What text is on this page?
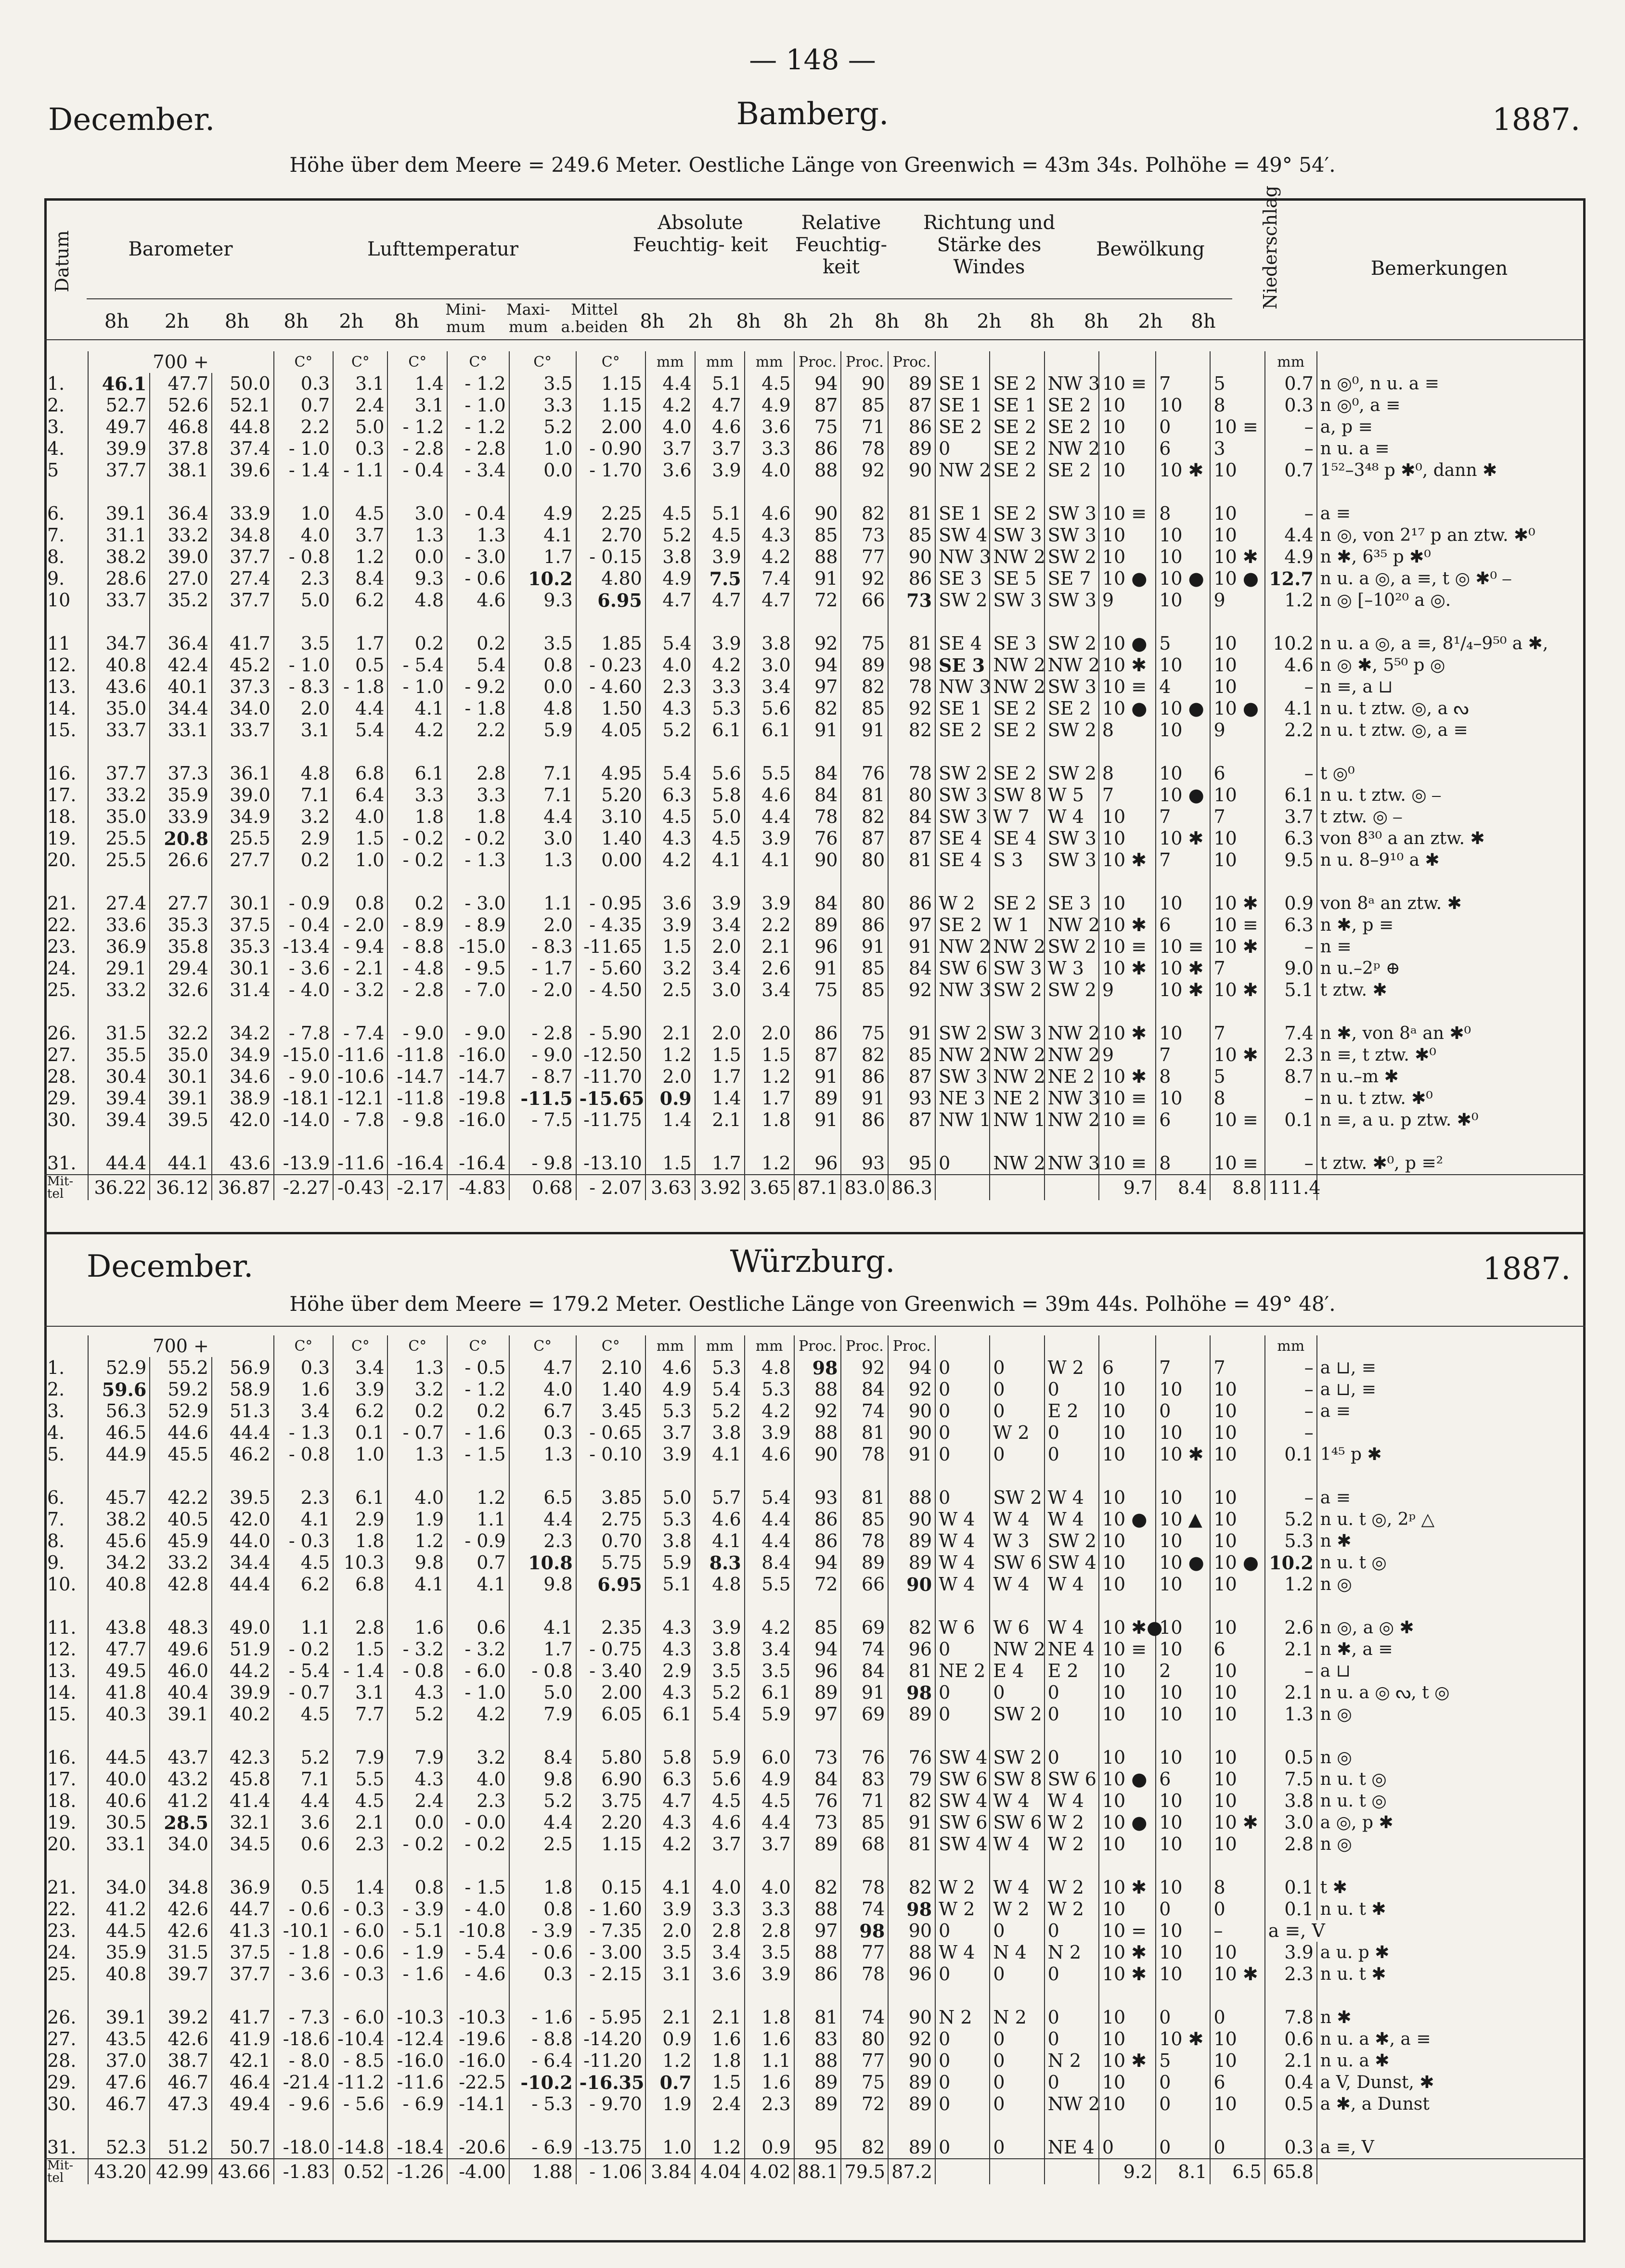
— 148 —
December.	Bamberg.	1887.
Höhe über dem Meere = 249.6 Meter. Oestliche Länge von Greenwich = 43m 34s. Polhöhe = 49° 54′.
Datum	Barometer	Lufttemperatur
Absolute Feuchtig- keit
Relative Feuchtig- keit
Richtung und Stärke des Windes
Bewölkung	Niederschlag	Bemerkungen
8h	2h	8h	8h	2h	8h
Mini- mum
Maxi- mum
Mittel a.beiden 8h	2h	8h	8h	2h	8h	8h	2h	8h	8h	2h	8h
	700 +			C°	C°	C°	C°	C°	C°	mm	mm	mm	Proc.	Proc.	Proc.							mm	
1.	46.1	47.7	50.0	0.3	3.1	1.4	- 1.2	3.5	1.15	4.4	5.1	4.5	94	90	89	SE 1	SE 2	NW 3	10 ≡	7	5	0.7	n ◎⁰, n u. a ≡
2.	52.7	52.6	52.1	0.7	2.4	3.1	- 1.0	3.3	1.15	4.2	4.7	4.9	87	85	87	SE 1	SE 1	SE 2	10	10	8	0.3	n ◎⁰, a ≡
3.	49.7	46.8	44.8	2.2	5.0	- 1.2	- 1.2	5.2	2.00	4.0	4.6	3.6	75	71	86	SE 2	SE 2	SE 2	10	0	10 ≡	–	a, p ≡
4.	39.9	37.8	37.4	- 1.0	0.3	- 2.8	- 2.8	1.0	- 0.90	3.7	3.7	3.3	86	78	89	0	SE 2	NW 2	10	6	3	–	n u. a ≡
5	37.7	38.1	39.6	- 1.4	- 1.1	- 0.4	- 3.4	0.0	- 1.70	3.6	3.9	4.0	88	92	90	NW 2	SE 2	SE 2	10	10 ✱	10	0.7	1⁵²–3⁴⁸ p ✱⁰, dann ✱

6.	39.1	36.4	33.9	1.0	4.5	3.0	- 0.4	4.9	2.25	4.5	5.1	4.6	90	82	81	SE 1	SE 2	SW 3	10 ≡	8	10	–	a ≡
7.	31.1	33.2	34.8	4.0	3.7	1.3	1.3	4.1	2.70	5.2	4.5	4.3	85	73	85	SW 4	SW 3	SW 3	10	10	10	4.4	n ◎, von 2¹⁷ p an ztw. ✱⁰
8.	38.2	39.0	37.7	- 0.8	1.2	0.0	- 3.0	1.7	- 0.15	3.8	3.9	4.2	88	77	90	NW 3	NW 2	SW 2	10	10	10 ✱	4.9	n ✱, 6³⁵ p ✱⁰
9.	28.6	27.0	27.4	2.3	8.4	9.3	- 0.6	10.2	4.80	4.9	7.5	7.4	91	92	86	SE 3	SE 5	SE 7	10 ●	10 ●	10 ●	12.7	n u. a ◎, a ≡, t ◎ ✱⁰ ⎯
10	33.7	35.2	37.7	5.0	6.2	4.8	4.6	9.3	6.95	4.7	4.7	4.7	72	66	73	SW 2	SW 3	SW 3	9	10	9	1.2	n ◎ [–10²⁰ a ◎.

11	34.7	36.4	41.7	3.5	1.7	0.2	0.2	3.5	1.85	5.4	3.9	3.8	92	75	81	SE 4	SE 3	SW 2	10 ●	5	10	10.2	n u. a ◎, a ≡, 8¹/₄–9⁵⁰ a ✱,
12.	40.8	42.4	45.2	- 1.0	0.5	- 5.4	5.4	0.8	- 0.23	4.0	4.2	3.0	94	89	98	SE 3	NW 2	NW 2	10 ✱	10	10	4.6	n ◎ ✱, 5⁵⁰ p ◎
13.	43.6	40.1	37.3	- 8.3	- 1.8	- 1.0	- 9.2	0.0	- 4.60	2.3	3.3	3.4	97	82	78	NW 3	NW 2	SW 3	10 ≡	4	10	–	n ≡, a ⊔
14.	35.0	34.4	34.0	2.0	4.4	4.1	- 1.8	4.8	1.50	4.3	5.3	5.6	82	85	92	SE 1	SE 2	SE 2	10 ●	10 ●	10 ●	4.1	n u. t ztw. ◎, a ᔓ
15.	33.7	33.1	33.7	3.1	5.4	4.2	2.2	5.9	4.05	5.2	6.1	6.1	91	91	82	SE 2	SE 2	SW 2	8	10	9	2.2	n u. t ztw. ◎, a ≡

16.	37.7	37.3	36.1	4.8	6.8	6.1	2.8	7.1	4.95	5.4	5.6	5.5	84	76	78	SW 2	SE 2	SW 2	8	10	6	–	t ◎⁰
17.	33.2	35.9	39.0	7.1	6.4	3.3	3.3	7.1	5.20	6.3	5.8	4.6	84	81	80	SW 3	SW 8	W 5	7	10 ●	10	6.1	n u. t ztw. ◎ ⎯
18.	35.0	33.9	34.9	3.2	4.0	1.8	1.8	4.4	3.10	4.5	5.0	4.4	78	82	84	SW 3	W 7	W 4	10	7	7	3.7	t ztw. ◎ ⎯
19.	25.5	20.8	25.5	2.9	1.5	- 0.2	- 0.2	3.0	1.40	4.3	4.5	3.9	76	87	87	SE 4	SE 4	SW 3	10	10 ✱	10	6.3	von 8³⁰ a an ztw. ✱
20.	25.5	26.6	27.7	0.2	1.0	- 0.2	- 1.3	1.3	0.00	4.2	4.1	4.1	90	80	81	SE 4	S 3	SW 3	10 ✱	7	10	9.5	n u. 8–9¹⁰ a ✱

21.	27.4	27.7	30.1	- 0.9	0.8	0.2	- 3.0	1.1	- 0.95	3.6	3.9	3.9	84	80	86	W 2	SE 2	SE 3	10	10	10 ✱	0.9	von 8ᵃ an ztw. ✱
22.	33.6	35.3	37.5	- 0.4	- 2.0	- 8.9	- 8.9	2.0	- 4.35	3.9	3.4	2.2	89	86	97	SE 2	W 1	NW 2	10 ✱	6	10 ≡	6.3	n ✱, p ≡
23.	36.9	35.8	35.3	-13.4	- 9.4	- 8.8	-15.0	- 8.3	-11.65	1.5	2.0	2.1	96	91	91	NW 2	NW 2	SW 2	10 ≡	10 ≡	10 ✱	–	n ≡
24.	29.1	29.4	30.1	- 3.6	- 2.1	- 4.8	- 9.5	- 1.7	- 5.60	3.2	3.4	2.6	91	85	84	SW 6	SW 3	W 3	10 ✱	10 ✱	7	9.0	n u.–2ᵖ ⊕
25.	33.2	32.6	31.4	- 4.0	- 3.2	- 2.8	- 7.0	- 2.0	- 4.50	2.5	3.0	3.4	75	85	92	NW 3	SW 2	SW 2	9	10 ✱	10 ✱	5.1	t ztw. ✱

26.	31.5	32.2	34.2	- 7.8	- 7.4	- 9.0	- 9.0	- 2.8	- 5.90	2.1	2.0	2.0	86	75	91	SW 2	SW 3	NW 2	10 ✱	10	7	7.4	n ✱, von 8ᵃ an ✱⁰
27.	35.5	35.0	34.9	-15.0	-11.6	-11.8	-16.0	- 9.0	-12.50	1.2	1.5	1.5	87	82	85	NW 2	NW 2	NW 2	9	7	10 ✱	2.3	n ≡, t ztw. ✱⁰
28.	30.4	30.1	34.6	- 9.0	-10.6	-14.7	-14.7	- 8.7	-11.70	2.0	1.7	1.2	91	86	87	SW 3	NW 2	NE 2	10 ✱	8	5	8.7	n u.–m ✱
29.	39.4	39.1	38.9	-18.1	-12.1	-11.8	-19.8	-11.5	-15.65	0.9	1.4	1.7	89	91	93	NE 3	NE 2	NW 3	10 ≡	10	8	–	n u. t ztw. ✱⁰
30.	39.4	39.5	42.0	-14.0	- 7.8	- 9.8	-16.0	- 7.5	-11.75	1.4	2.1	1.8	91	86	87	NW 1	NW 1	NW 2	10 ≡	6	10 ≡	0.1	n ≡, a u. p ztw. ✱⁰

31.	44.4	44.1	43.6	-13.9	-11.6	-16.4	-16.4	- 9.8	-13.10	1.5	1.7	1.2	96	93	95	0	NW 2	NW 3	10 ≡	8	10 ≡	–	t ztw. ✱⁰, p ≡²
Mit- tel	36.22	36.12	36.87	-2.27	-0.43	-2.17	-4.83	0.68	- 2.07	3.63	3.92	3.65	87.1	83.0	86.3				9.7	8.4	8.8	111.4	
December.	Würzburg.	1887.
Höhe über dem Meere = 179.2 Meter. Oestliche Länge von Greenwich = 39m 44s. Polhöhe = 49° 48′.
	700 +			C°	C°	C°	C°	C°	C°	mm	mm	mm	Proc.	Proc.	Proc.							mm	
1.	52.9	55.2	56.9	0.3	3.4	1.3	- 0.5	4.7	2.10	4.6	5.3	4.8	98	92	94	0	0	W 2	6	7	7	–	a ⊔, ≡
2.	59.6	59.2	58.9	1.6	3.9	3.2	- 1.2	4.0	1.40	4.9	5.4	5.3	88	84	92	0	0	0	10	10	10	–	a ⊔, ≡
3.	56.3	52.9	51.3	3.4	6.2	0.2	0.2	6.7	3.45	5.3	5.2	4.2	92	74	90	0	0	E 2	10	0	10	–	a ≡
4.	46.5	44.6	44.4	- 1.3	0.1	- 0.7	- 1.6	0.3	- 0.65	3.7	3.8	3.9	88	81	90	0	W 2	0	10	10	10	–	
5.	44.9	45.5	46.2	- 0.8	1.0	1.3	- 1.5	1.3	- 0.10	3.9	4.1	4.6	90	78	91	0	0	0	10	10 ✱	10	0.1	1⁴⁵ p ✱

6.	45.7	42.2	39.5	2.3	6.1	4.0	1.2	6.5	3.85	5.0	5.7	5.4	93	81	88	0	SW 2	W 4	10	10	10	–	a ≡
7.	38.2	40.5	42.0	4.1	2.9	1.9	1.1	4.4	2.75	5.3	4.6	4.4	86	85	90	W 4	W 4	W 4	10 ●	10 ▲	10	5.2	n u. t ◎, 2ᵖ △
8.	45.6	45.9	44.0	- 0.3	1.8	1.2	- 0.9	2.3	0.70	3.8	4.1	4.4	86	78	89	W 4	W 3	SW 2	10	10	10	5.3	n ✱
9.	34.2	33.2	34.4	4.5	10.3	9.8	0.7	10.8	5.75	5.9	8.3	8.4	94	89	89	W 4	SW 6	SW 4	10	10 ●	10 ●	10.2	n u. t ◎
10.	40.8	42.8	44.4	6.2	6.8	4.1	4.1	9.8	6.95	5.1	4.8	5.5	72	66	90	W 4	W 4	W 4	10	10	10	1.2	n ◎

11.	43.8	48.3	49.0	1.1	2.8	1.6	0.6	4.1	2.35	4.3	3.9	4.2	85	69	82	W 6	W 6	W 4	10 ✱●	10	10	2.6	n ◎, a ◎ ✱
12.	47.7	49.6	51.9	- 0.2	1.5	- 3.2	- 3.2	1.7	- 0.75	4.3	3.8	3.4	94	74	96	0	NW 2	NE 4	10 ≡	10	6	2.1	n ✱, a ≡
13.	49.5	46.0	44.2	- 5.4	- 1.4	- 0.8	- 6.0	- 0.8	- 3.40	2.9	3.5	3.5	96	84	81	NE 2	E 4	E 2	10	2	10	–	a ⊔
14.	41.8	40.4	39.9	- 0.7	3.1	4.3	- 1.0	5.0	2.00	4.3	5.2	6.1	89	91	98	0	0	0	10	10	10	2.1	n u. a ◎ ᔓ, t ◎
15.	40.3	39.1	40.2	4.5	7.7	5.2	4.2	7.9	6.05	6.1	5.4	5.9	97	69	89	0	SW 2	0	10	10	10	1.3	n ◎

16.	44.5	43.7	42.3	5.2	7.9	7.9	3.2	8.4	5.80	5.8	5.9	6.0	73	76	76	SW 4	SW 2	0	10	10	10	0.5	n ◎
17.	40.0	43.2	45.8	7.1	5.5	4.3	4.0	9.8	6.90	6.3	5.6	4.9	84	83	79	SW 6	SW 8	SW 6	10 ●	6	10	7.5	n u. t ◎
18.	40.6	41.2	41.4	4.4	4.5	2.4	2.3	5.2	3.75	4.7	4.5	4.5	76	71	82	SW 4	W 4	W 4	10	10	10	3.8	n u. t ◎
19.	30.5	28.5	32.1	3.6	2.1	0.0	- 0.0	4.4	2.20	4.3	4.6	4.4	73	85	91	SW 6	SW 6	W 2	10 ●	10	10 ✱	3.0	a ◎, p ✱
20.	33.1	34.0	34.5	0.6	2.3	- 0.2	- 0.2	2.5	1.15	4.2	3.7	3.7	89	68	81	SW 4	W 4	W 2	10	10	10	2.8	n ◎

21.	34.0	34.8	36.9	0.5	1.4	0.8	- 1.5	1.8	0.15	4.1	4.0	4.0	82	78	82	W 2	W 4	W 2	10 ✱	10	8	0.1	t ✱
22.	41.2	42.6	44.7	- 0.6	- 0.3	- 3.9	- 4.0	0.8	- 1.60	3.9	3.3	3.3	88	74	98	W 2	W 2	W 2	10	0	0	0.1	n u. t ✱
23.	44.5	42.6	41.3	-10.1	- 6.0	- 5.1	-10.8	- 3.9	- 7.35	2.0	2.8	2.8	97	98	90	0	0	0	10 =	10	–	a ≡, V	
24.	35.9	31.5	37.5	- 1.8	- 0.6	- 1.9	- 5.4	- 0.6	- 3.00	3.5	3.4	3.5	88	77	88	W 4	N 4	N 2	10 ✱	10	10	3.9	a u. p ✱
25.	40.8	39.7	37.7	- 3.6	- 0.3	- 1.6	- 4.6	0.3	- 2.15	3.1	3.6	3.9	86	78	96	0	0	0	10 ✱	10	10 ✱	2.3	n u. t ✱

26.	39.1	39.2	41.7	- 7.3	- 6.0	-10.3	-10.3	- 1.6	- 5.95	2.1	2.1	1.8	81	74	90	N 2	N 2	0	10	0	0	7.8	n ✱
27.	43.5	42.6	41.9	-18.6	-10.4	-12.4	-19.6	- 8.8	-14.20	0.9	1.6	1.6	83	80	92	0	0	0	10	10 ✱	10	0.6	n u. a ✱, a ≡
28.	37.0	38.7	42.1	- 8.0	- 8.5	-16.0	-16.0	- 6.4	-11.20	1.2	1.8	1.1	88	77	90	0	0	N 2	10 ✱	5	10	2.1	n u. a ✱
29.	47.6	46.7	46.4	-21.4	-11.2	-11.6	-22.5	-10.2	-16.35	0.7	1.5	1.6	89	75	89	0	0	0	10	0	6	0.4	a V, Dunst, ✱
30.	46.7	47.3	49.4	- 9.6	- 5.6	- 6.9	-14.1	- 5.3	- 9.70	1.9	2.4	2.3	89	72	89	0	0	NW 2	10	0	10	0.5	a ✱, a Dunst

31.	52.3	51.2	50.7	-18.0	-14.8	-18.4	-20.6	- 6.9	-13.75	1.0	1.2	0.9	95	82	89	0	0	NE 4	0	0	0	0.3	a ≡, V
Mit- tel	43.20	42.99	43.66	-1.83	0.52	-1.26	-4.00	1.88	- 1.06	3.84	4.04	4.02	88.1	79.5	87.2				9.2	8.1	6.5	65.8	
